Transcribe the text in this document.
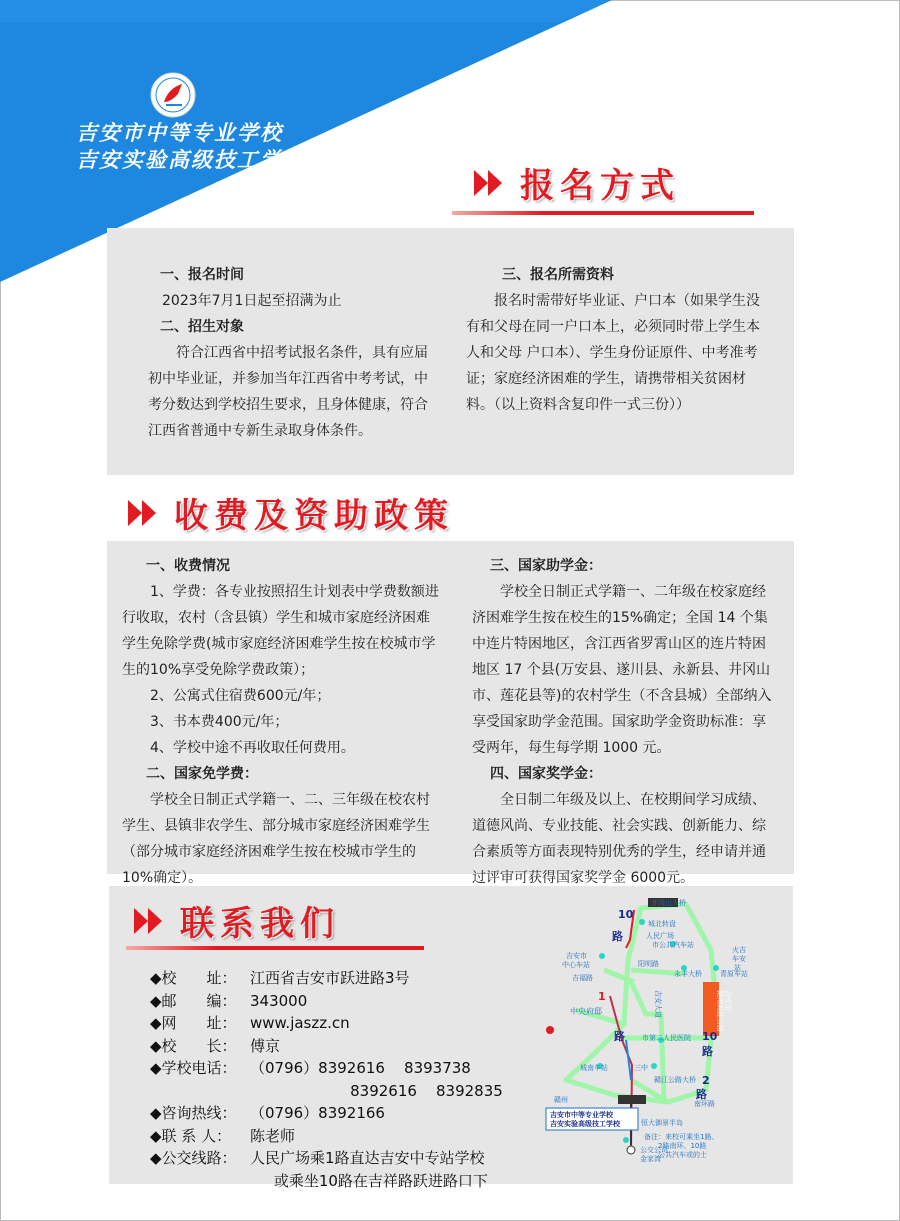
吉安市中等专业学校
吉安实验高级技工学校
报名方式

一、报名时间

2023年7月1日起至招满为止

二、招生对象

符合江西省中招考试报名条件，具有应届初中毕业证，并参加当年江西省中考考试，中考分数达到学校招生要求，且身体健康，符合江西省普通中专新生录取身体条件。

三、报名所需资料

报名时需带好毕业证、户口本（如果学生没有和父母在同一户口本上，必须同时带上学生本人和父母 户口本）、学生身份证原件、中考准考证；家庭经济困难的学生，请携带相关贫困材料。（以上资料含复印件一式三份））

收费及资助政策

一、收费情况

1、学费：各专业按照招生计划表中学费数额进行收取，农村（含县镇）学生和城市家庭经济困难学生免除学费(城市家庭经济困难学生按在校城市学生的10%享受免除学费政策）；

2、公寓式住宿费600元/年；

3、书本费400元/年；

4、学校中途不再收取任何费用。

二、国家免学费：

学校全日制正式学籍一、二、三年级在校农村学生、县镇非农学生、部分城市家庭经济困难学生（部分城市家庭经济困难学生按在校城市学生的10%确定）。

三、国家助学金：

学校全日制正式学籍一、二年级在校家庭经济困难学生按在校生的15%确定；全国 14 个集中连片特困地区，含江西省罗霄山区的连片特困地区 17 个县(万安县、遂川县、永新县、井冈山市、莲花县等)的农村学生（不含县城）全部纳入享受国家助学金范围。国家助学金资助标准：享受两年，每生每学期 1000 元。

四、国家奖学金：

全日制二年级及以上、在校期间学习成绩、道德风尚、专业技能、社会实践、创新能力、综合素质等方面表现特别优秀的学生，经申请并通过评审可获得国家奖学金 6000元。

联系我们
◆校　　址： 江西省吉安市跃进路3号
◆邮　　编： 343000
◆网　　址： www.jaszz.cn
◆校　　长： 傅京
◆学校电话： （0796）8392616    8393738
8392616    8392835
◆咨询热线： （0796）8392166
◆联 系 人：	陈老师
◆公交线路： 人民广场乘1路直达吉安中专站学校
或乘坐10路在吉祥路跃进路口下
井冈山大桥
城北转盘
人民广场
市公共汽车站
阳明路
永丰大桥
火吉
车安
站
青原车站
吉安市
中心车站
吉福路
市第二人民医院
城南车站	三中
赣江公路大桥
南环路
赣州
恒大御景半岛
公交公司
金家湾
备注：来校可乘坐1路、
2路南环、10路
公共汽车或的士
中央府邸	吉安大道	吉安至
赣州高速公路
10
路
10
路
2
路
路
1
吉安市中等专业学校
吉安实验高级技工学校
